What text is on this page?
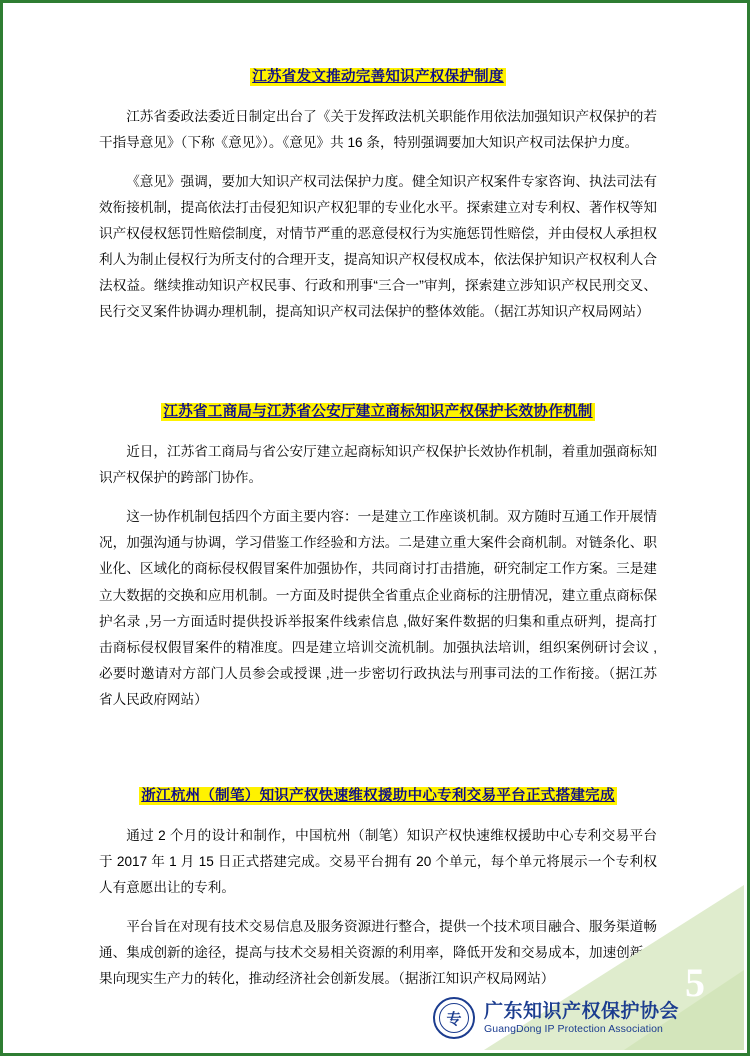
江苏省发文推动完善知识产权保护制度

江苏省委政法委近日制定出台了《关于发挥政法机关职能作用依法加强知识产权保护的若干指导意见》（下称《意见》）。《意见》共 16 条，特别强调要加大知识产权司法保护力度。

《意见》强调，要加大知识产权司法保护力度。健全知识产权案件专家咨询、执法司法有效衔接机制，提高依法打击侵犯知识产权犯罪的专业化水平。探索建立对专利权、著作权等知识产权侵权惩罚性赔偿制度，对情节严重的恶意侵权行为实施惩罚性赔偿，并由侵权人承担权利人为制止侵权行为所支付的合理开支，提高知识产权侵权成本，依法保护知识产权权利人合法权益。继续推动知识产权民事、行政和刑事“三合一”审判，探索建立涉知识产权民刑交叉、民行交叉案件协调办理机制，提高知识产权司法保护的整体效能。（据江苏知识产权局网站）

江苏省工商局与江苏省公安厅建立商标知识产权保护长效协作机制

近日，江苏省工商局与省公安厅建立起商标知识产权保护长效协作机制，着重加强商标知识产权保护的跨部门协作。

这一协作机制包括四个方面主要内容：一是建立工作座谈机制。双方随时互通工作开展情况，加强沟通与协调，学习借鉴工作经验和方法。二是建立重大案件会商机制。对链条化、职业化、区域化的商标侵权假冒案件加强协作，共同商讨打击措施，研究制定工作方案。三是建立大数据的交换和应用机制。一方面及时提供全省重点企业商标的注册情况，建立重点商标保护名录 ,另一方面适时提供投诉举报案件线索信息 ,做好案件数据的归集和重点研判，提高打击商标侵权假冒案件的精准度。四是建立培训交流机制。加强执法培训，组织案例研讨会议 ,必要时邀请对方部门人员参会或授课 ,进一步密切行政执法与刑事司法的工作衔接。（据江苏省人民政府网站）

浙江杭州（制笔）知识产权快速维权援助中心专利交易平台正式搭建完成

通过 2 个月的设计和制作，中国杭州（制笔）知识产权快速维权援助中心专利交易平台于 2017 年 1 月 15 日正式搭建完成。交易平台拥有 20 个单元，每个单元将展示一个专利权人有意愿出让的专利。

平台旨在对现有技术交易信息及服务资源进行整合，提供一个技术项目融合、服务渠道畅通、集成创新的途径，提高与技术交易相关资源的利用率，降低开发和交易成本，加速创新成果向现实生产力的转化，推动经济社会创新发展。（据浙江知识产权局网站）	5
专	广东知识产权保护协会
GuangDong IP Protection Association
